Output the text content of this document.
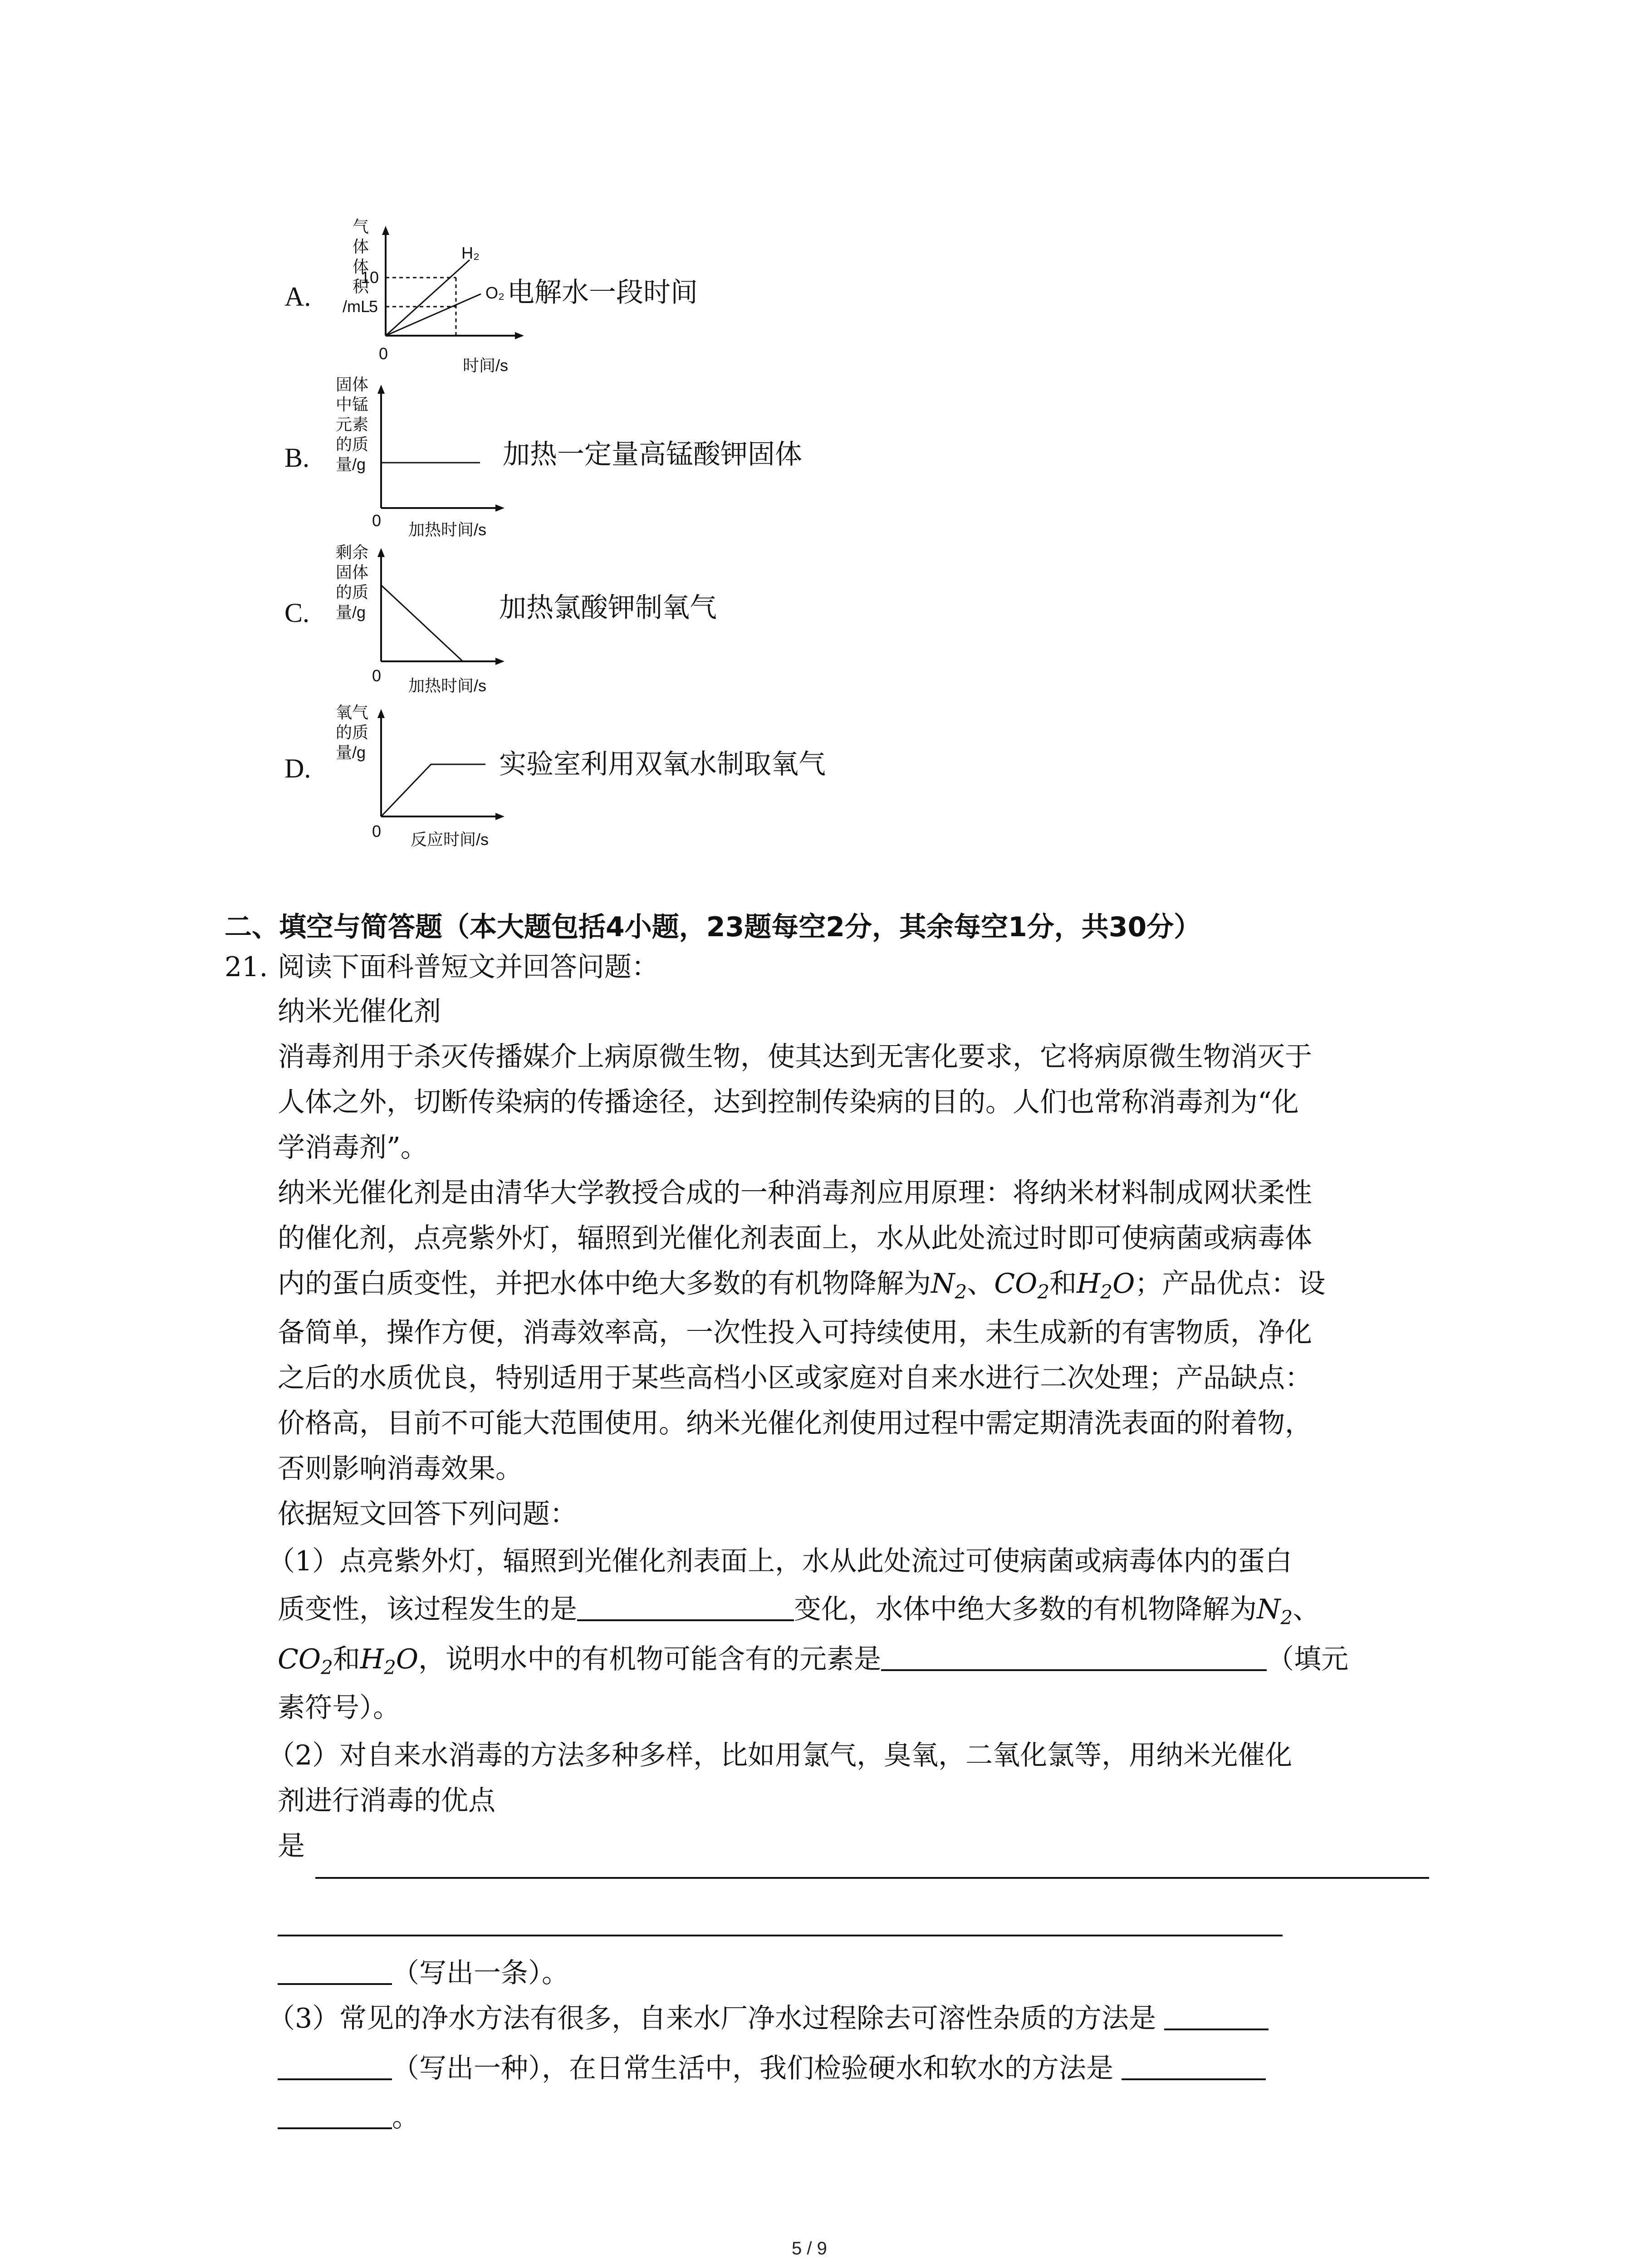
A.
气
体
体
积
/mL
10
5
H₂
O₂
0
时间/s
电解水一段时间
B.
固体
中锰
元素
的质
量/g
0 加热时间/s
加热一定量高锰酸钾固体
C.
剩余
固体
的质
量/g
0
加热时间/s
加热氯酸钾制氧气
D.
氧气
的质
量/g
0 反应时间/s
实验室利用双氧水制取氧气
二、填空与简答题（本大题包括4小题，23题每空2分，其余每空1分，共30分）
21. 阅读下面科普短文并回答问题：
纳米光催化剂
消毒剂用于杀灭传播媒介上病原微生物，使其达到无害化要求，它将病原微生物消灭于
人体之外，切断传染病的传播途径，达到控制传染病的目的。人们也常称消毒剂为“化
学消毒剂”。
纳米光催化剂是由清华大学教授合成的一种消毒剂应用原理：将纳米材料制成网状柔性
的催化剂，点亮紫外灯，辐照到光催化剂表面上，水从此处流过时即可使病菌或病毒体
内的蛋白质变性，并把水体中绝大多数的有机物降解为$N_2$、$CO_2$和$H_2O$；产品优点：设
备简单，操作方便，消毒效率高，一次性投入可持续使用，未生成新的有害物质，净化
之后的水质优良，特别适用于某些高档小区或家庭对自来水进行二次处理；产品缺点：
价格高，目前不可能大范围使用。纳米光催化剂使用过程中需定期清洗表面的附着物，
否则影响消毒效果。
依据短文回答下列问题：
（1）点亮紫外灯，辐照到光催化剂表面上，水从此处流过可使病菌或病毒体内的蛋白
质变性，该过程发生的是	变化，水体中绝大多数的有机物降解为$N_2$、
$CO_2$和$H_2O$，说明水中的有机物可能含有的元素是	（填元
素符号）。
（2）对自来水消毒的方法多种多样，比如用氯气，臭氧，二氧化氯等，用纳米光催化
剂进行消毒的优点
是
（写出一条）。
（3）常见的净水方法有很多，自来水厂净水过程除去可溶性杂质的方法是
（写出一种），在日常生活中，我们检验硬水和软水的方法是
。
5 / 9
